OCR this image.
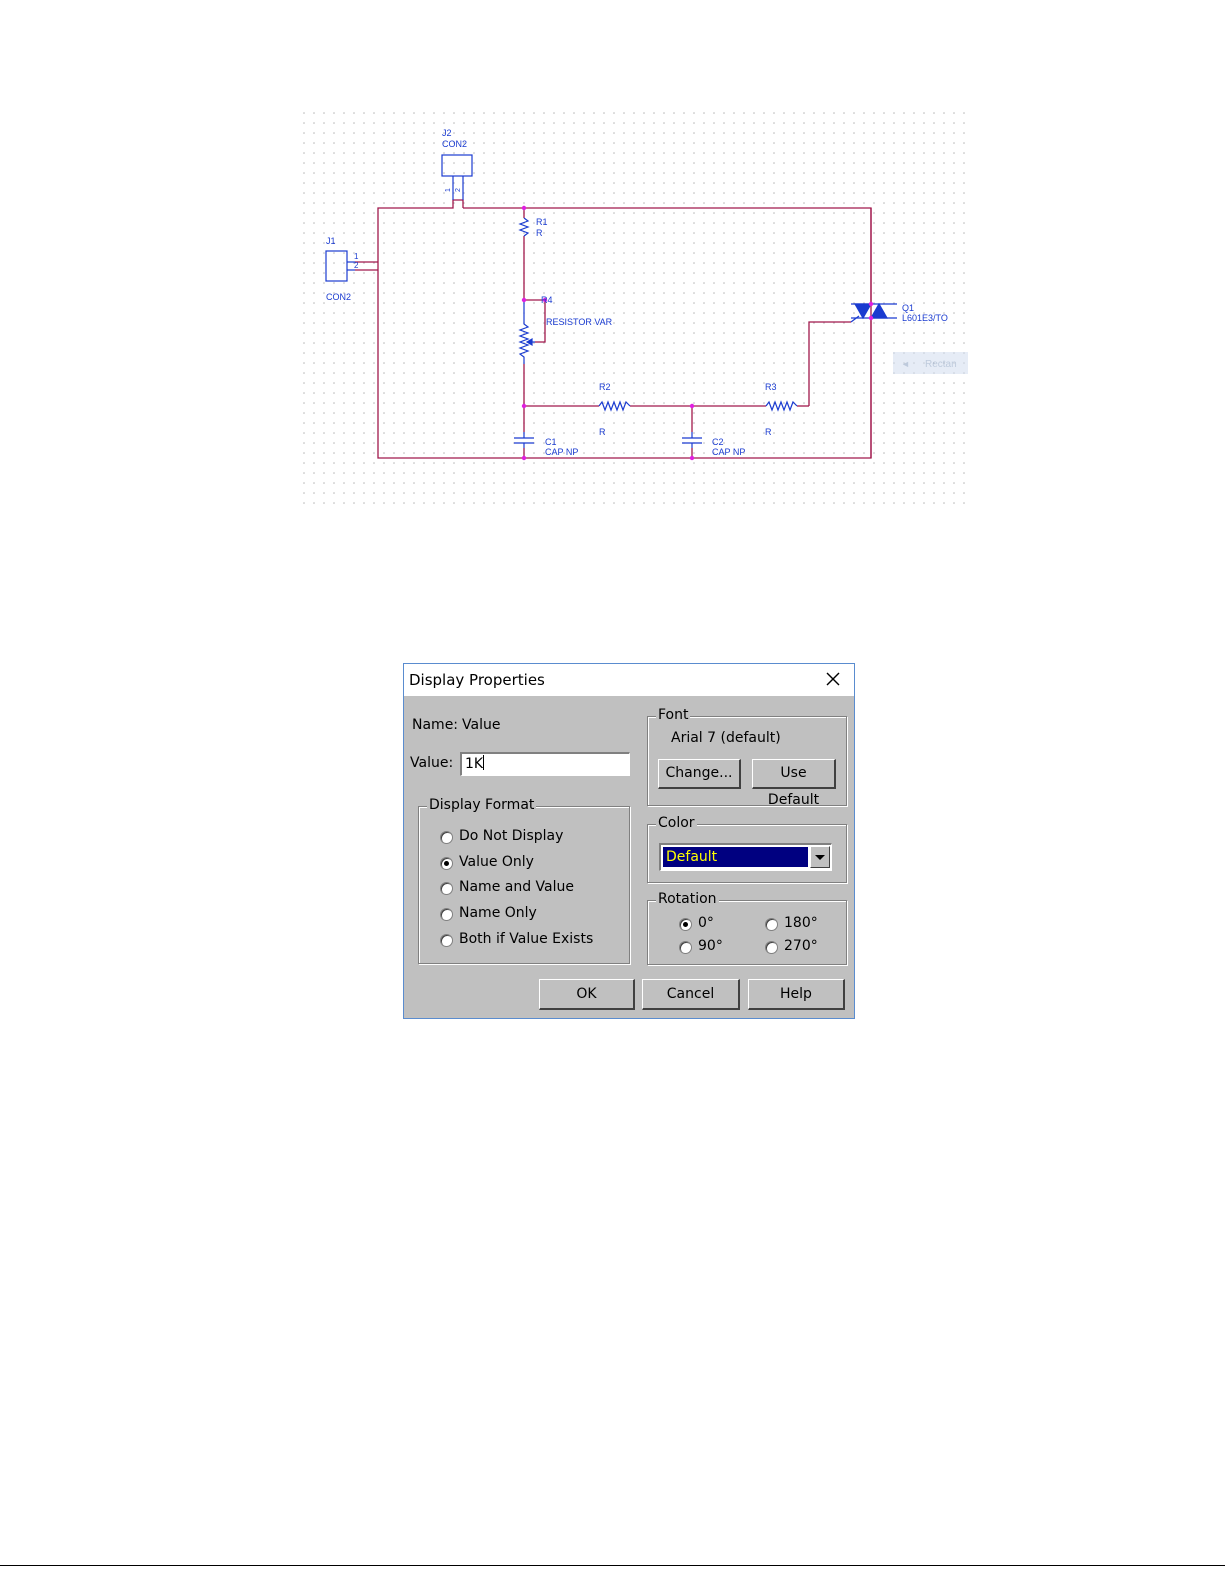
J2
CON2
1 2
J1
CON2
1
2
R1
R
R4
RESISTOR VAR
R2
R
R3
R
C1
CAP NP
C2
CAP NP
Q1
L601E3/TO
◄ Rectan
Display Properties
Name: Value
Value: 1K
Display Format
Do Not Display
Value Only
Name and Value
Name Only
Both if Value Exists
Font
Arial 7 (default)
Change...	Use Default
Color
Default
Rotation
0°	180°
90°	270°
OK	Cancel	Help
